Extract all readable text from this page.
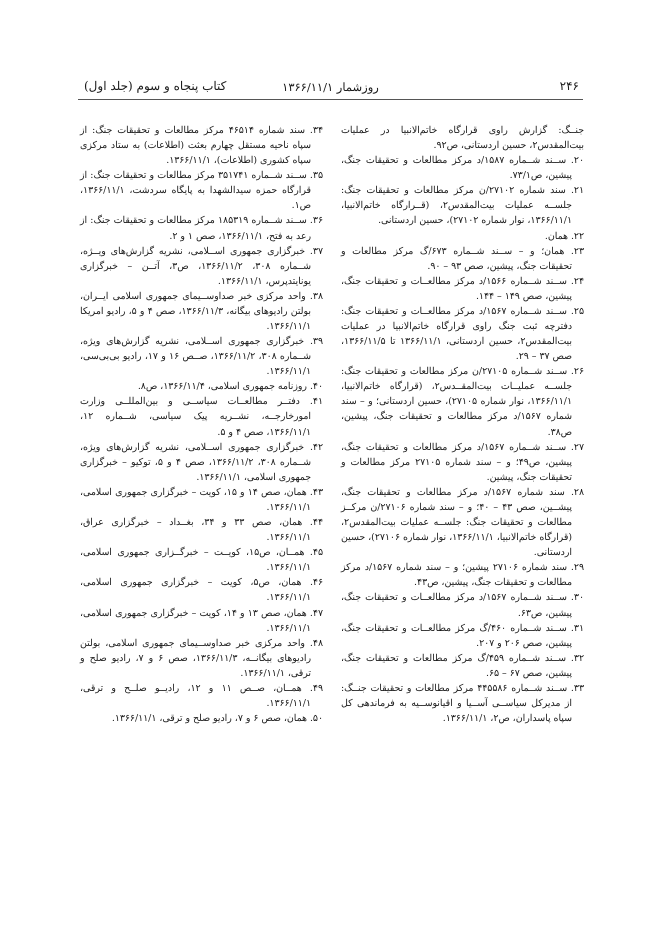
۲۴۶
روزشمار ۱۳۶۶/۱۱/۱
کتاب پنجاه و سوم (جلد اول)

جنــگ: گزارش راوی قرارگاه خاتم‌الانبیا در عملیات بیت‌المقدس۲، حسین اردستانی، ص۹۲.

۲۰. ســند شــماره ۱۵۸۷/د مرکز مطالعات و تحقیقات جنگ، پیشین، ص۷۳/۱.

۲۱. سند شماره ۲۷۱۰۲/ن مرکز مطالعات و تحقیقات جنگ: جلســه عملیات بیت‌المقدس۲، (قــرارگاه خاتم‌الانبیا، ۱۳۶۶/۱۱/۱، نوار شماره ۲۷۱۰۲)، حسین اردستانی.

۲۲. همان.

۲۳. همان؛ و – ســند شــماره ۶۷۳/گ مرکز مطالعات و تحقیقات جنگ، پیشین، صص ۹۳ – ۹۰.

۲۴. ســند شــماره ۱۵۶۶/د مرکز مطالعــات و تحقیقات جنگ، پیشین، صص ۱۴۹ – ۱۴۴.

۲۵. ســند شــماره ۱۵۶۷/د مرکز مطالعــات و تحقیقات جنگ: دفترچه ثبت جنگ راوی قرارگاه خاتم‌الانبیا در عملیات بیت‌المقدس۲، حسین اردستانی، ۱۳۶۶/۱۱/۱ تا ۱۳۶۶/۱۱/۵، صص ۳۷ – ۲۹.

۲۶. ســند شــماره ۲۷۱۰۵/ن مرکز مطالعات و تحقیقات جنگ: جلســه عملیــات بیت‌المقــدس۲، (قرارگاه خاتم‌الانبیا، ۱۳۶۶/۱۱/۱، نوار شماره ۲۷۱۰۵)، حسین اردستانی؛ و – سند شماره ۱۵۶۷/د مرکز مطالعات و تحقیقات جنگ، پیشین، ص۳۸.

۲۷. ســند شــماره ۱۵۶۷/د مرکز مطالعات و تحقیقات جنگ، پیشین، ص۴۹؛ و – سند شماره ۲۷۱۰۵ مرکز مطالعات و تحقیقات جنگ، پیشین.

۲۸. سند شماره ۱۵۶۷/د مرکز مطالعات و تحقیقات جنگ، پیشــین، صص ۴۳ – ۴۰؛ و – سند شماره ۲۷۱۰۶/ن مرکــز مطالعات و تحقیقات جنگ: جلســه عملیات بیت‌المقدس۲، (قرارگاه خاتم‌الانبیا، ۱۳۶۶/۱۱/۱، نوار شماره ۲۷۱۰۶)، حسین اردستانی.

۲۹. سند شماره ۲۷۱۰۶ پیشین؛ و – سند شماره ۱۵۶۷/د مرکز مطالعات و تحقیقات جنگ، پیشین، ص۴۳.

۳۰. ســند شــماره ۱۵۶۷/د مرکز مطالعــات و تحقیقات جنگ، پیشین، ص۶۳.

۳۱. ســند شــماره ۴۶۰/گ مرکز مطالعــات و تحقیقات جنگ، پیشین، صص ۲۰۶ و ۲۰۷.

۳۲. ســند شــماره ۴۵۹/گ مرکز مطالعات و تحقیقات جنگ، پیشین، صص ۶۷ – ۶۵.

۳۳. ســند شــماره ۴۴۵۵۸۶ مرکز مطالعات و تحقیقات جنــگ: از مدیرکل سیاســی آســیا و اقیانوســیه به فرماندهی کل سپاه پاسداران، ص۲، ۱۳۶۶/۱۱/۱.

۳۴. سند شماره ۴۶۵۱۴ مرکز مطالعات و تحقیقات جنگ: از سپاه ناحیه مستقل چهارم بعثت (اطلاعات) به ستاد مرکزی سپاه کشوری (اطلاعات)، ۱۳۶۶/۱۱/۱.

۳۵. ســند شــماره ۳۵۱۷۴۱ مرکز مطالعات و تحقیقات جنگ: از قرارگاه حمزه سیدالشهدا به پایگاه سردشت، ۱۳۶۶/۱۱/۱، ص۱.

۳۶. ســند شــماره ۱۸۵۳۱۹ مرکز مطالعات و تحقیقات جنگ: از رعد به فتح، ۱۳۶۶/۱۱/۱، صص ۱ و ۲.

۳۷. خبرگزاری جمهوری اســلامی، نشریه گزارش‌های ویــژه، شــماره ۳۰۸، ۱۳۶۶/۱۱/۲، ص۳، آتــن – خبرگزاری یونایتدپرس، ۱۳۶۶/۱۱/۱.

۳۸. واحد مرکزی خبر صداوســیمای جمهوری اسلامی ایــران، بولتن رادیوهای بیگانه، ۱۳۶۶/۱۱/۳، صص ۴ و ۵، رادیو امریکا ۱۳۶۶/۱۱/۱.

۳۹. خبرگزاری جمهوری اســلامی، نشریه گزارش‌های ویژه، شــماره ۳۰۸، ۱۳۶۶/۱۱/۲، صــص ۱۶ و ۱۷، رادیو بی‌بی‌سی، ۱۳۶۶/۱۱/۱.

۴۰. روزنامه جمهوری اسلامی، ۱۳۶۶/۱۱/۴، ص۸.

۴۱. دفتــر مطالعــات سیاســی و بین‌المللــی وزارت امورخارجــه، نشــریه پیک سیاسی، شــماره ۱۲، ۱۳۶۶/۱۱/۱، صص ۴ و ۵.

۴۲. خبرگزاری جمهوری اســلامی، نشریه گزارش‌های ویژه، شــماره ۳۰۸، ۱۳۶۶/۱۱/۲، صص ۴ و ۵، توکیو – خبرگزاری جمهوری اسلامی، ۱۳۶۶/۱۱/۱.

۴۳. همان، صص ۱۴ و ۱۵، کویت – خبرگزاری جمهوری اسلامی، ۱۳۶۶/۱۱/۱.

۴۴. همان، صص ۳۳ و ۳۴، بغــداد – خبرگزاری عراق، ۱۳۶۶/۱۱/۱.

۴۵. همــان، ص۱۵، کویــت – خبرگــزاری جمهوری اسلامی، ۱۳۶۶/۱۱/۱.

۴۶. همان، ص۵، کویت – خبرگزاری جمهوری اسلامی، ۱۳۶۶/۱۱/۱.

۴۷. همان، صص ۱۳ و ۱۴، کویت – خبرگزاری جمهوری اسلامی، ۱۳۶۶/۱۱/۱.

۴۸. واحد مرکزی خبر صداوســیمای جمهوری اسلامی، بولتن رادیوهای بیگانــه، ۱۳۶۶/۱۱/۳، صص ۶ و ۷، رادیو صلح و ترقی، ۱۳۶۶/۱۱/۱.

۴۹. همــان، صــص ۱۱ و ۱۲، رادیــو صلــح و ترقی، ۱۳۶۶/۱۱/۱.

۵۰. همان، صص ۶ و ۷، رادیو صلح و ترقی، ۱۳۶۶/۱۱/۱.
